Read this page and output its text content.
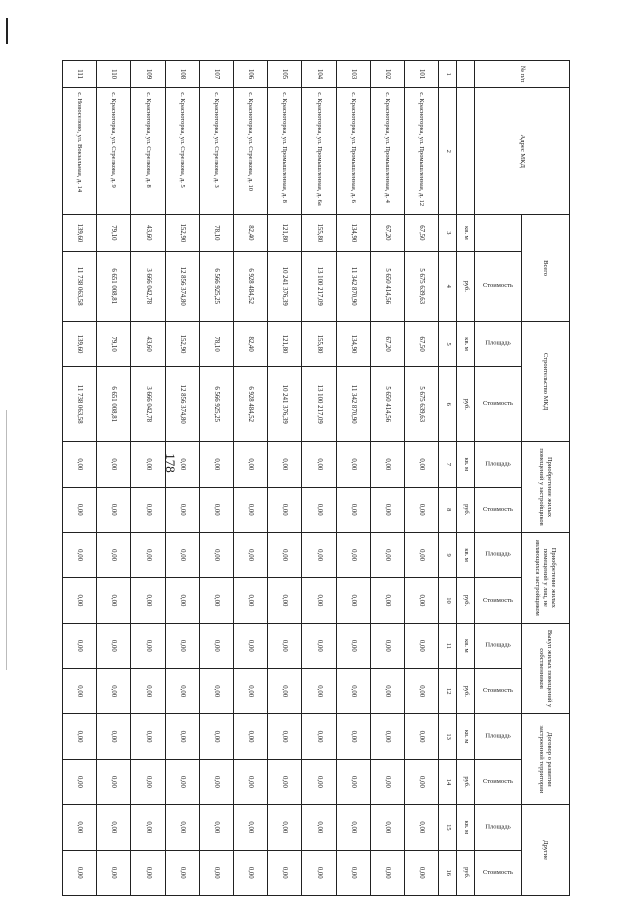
178
№ п/п	Адрес МКД	Всего		Строительство МКД		Приобретение жилых помещений у застройщиков		Приобретение жилых помещений у лиц, не являющихся застройщиком		Выкуп жилых помещений у собственников		Договор о развитии застроенной территории		Другие	
	Стоимость	Площадь	Стоимость	Площадь	Стоимость	Площадь	Стоимость	Площадь	Стоимость	Площадь	Стоимость	Площадь	Стоимость
		кв. м	руб.	кв. м	руб.	кв. м	руб.	кв. м	руб.	кв. м	руб.	кв. м	руб.	кв. м	руб.
1	2	3	4	5	6	7	8	9	10	11	12	13	14	15	16
101	с. Красноторка, ул. Промышленная, д. 12	67,50	5 675 639,63	67,50	5 675 639,63	0,00	0,00	0,00	0,00	0,00	0,00	0,00	0,00	0,00	0,00
102	с. Красноторка, ул. Промышленная, д. 4	67,20	5 650 414,56	67,20	5 650 414,56	0,00	0,00	0,00	0,00	0,00	0,00	0,00	0,00	0,00	0,00
103	с. Красноторка, ул. Промышленная, д. 6	134,90	11 342 870,90	134,90	11 342 870,90	0,00	0,00	0,00	0,00	0,00	0,00	0,00	0,00	0,00	0,00
104	с. Красноторка, ул. Промышленная, д. 6а	155,80	13 100 217,09	155,80	13 100 217,09	0,00	0,00	0,00	0,00	0,00	0,00	0,00	0,00	0,00	0,00
105	с. Красноторка, ул. Промышленная, д. 8	121,80	10 241 376,39	121,80	10 241 376,39	0,00	0,00	0,00	0,00	0,00	0,00	0,00	0,00	0,00	0,00
106	с. Красноторка, ул. Стрелкова, д. 10	82,40	6 928 484,52	82,40	6 928 484,52	0,00	0,00	0,00	0,00	0,00	0,00	0,00	0,00	0,00	0,00
107	с. Красноторка, ул. Стрелкова, д. 3	78,10	6 566 925,25	78,10	6 566 925,25	0,00	0,00	0,00	0,00	0,00	0,00	0,00	0,00	0,00	0,00
108	с. Красноторка, ул. Стрелкова, д. 5	152,90	12 856 374,80	152,90	12 856 374,80	0,00	0,00	0,00	0,00	0,00	0,00	0,00	0,00	0,00	0,00
109	с. Красноторка, ул. Стрелкова, д. 8	43,60	3 666 042,78	43,60	3 666 042,78	0,00	0,00	0,00	0,00	0,00	0,00	0,00	0,00	0,00	0,00
110	с. Красноторка, ул. Стрелкова, д. 9	79,10	6 651 008,81	79,10	6 651 008,81	0,00	0,00	0,00	0,00	0,00	0,00	0,00	0,00	0,00	0,00
111	с. Новоселово, ул. Вокзальная, д. 14	139,60	11 738 063,58	139,60	11 738 063,58	0,00	0,00	0,00	0,00	0,00	0,00	0,00	0,00	0,00	0,00
